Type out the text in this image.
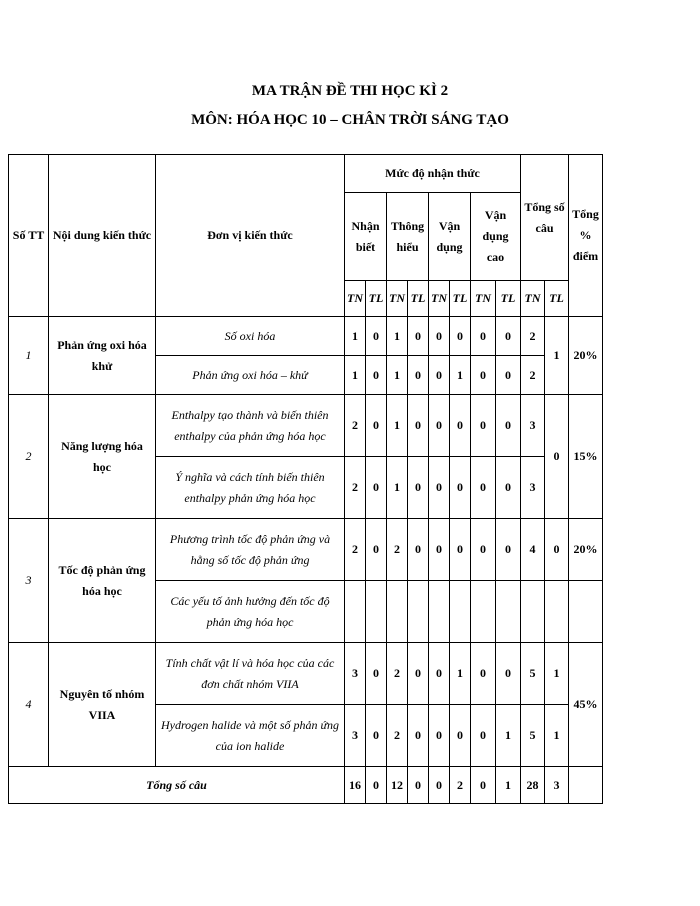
MA TRẬN ĐỀ THI HỌC KÌ 2
MÔN: HÓA HỌC 10 – CHÂN TRỜI SÁNG TẠO
Số TT	Nội dung kiến thức	Đơn vị kiến thức	Mức độ nhận thức								Tổng số câu		Tổng % điểm
			Nhận biết		Thông hiểu		Vận dụng		Vận dụng cao				
			TN	TL	TN	TL	TN	TL	TN	TL	TN	TL	
1	Phản ứng oxi hóa khử	Số oxi hóa	1	0	1	0	0	0	0	0	2	1	20%
		Phản ứng oxi hóa – khử	1	0	1	0	0	1	0	0	2		
2	Năng lượng hóa học	Enthalpy tạo thành và biến thiên enthalpy của phản ứng hóa học	2	0	1	0	0	0	0	0	3	0	15%
		Ý nghĩa và cách tính biến thiên enthalpy phản ứng hóa học	2	0	1	0	0	0	0	0	3		
3	Tốc độ phản ứng hóa học	Phương trình tốc độ phản ứng và hằng số tốc độ phản ứng	2	0	2	0	0	0	0	0	4	0	20%
		Các yếu tố ảnh hưởng đến tốc độ phản ứng hóa học											
4	Nguyên tố nhóm VIIA	Tính chất vật lí và hóa học của các đơn chất nhóm VIIA	3	0	2	0	0	1	0	0	5	1	45%
		Hydrogen halide và một số phản ứng của ion halide	3	0	2	0	0	0	0	1	5	1	
Tổng số câu			16	0	12	0	0	2	0	1	28	3	
